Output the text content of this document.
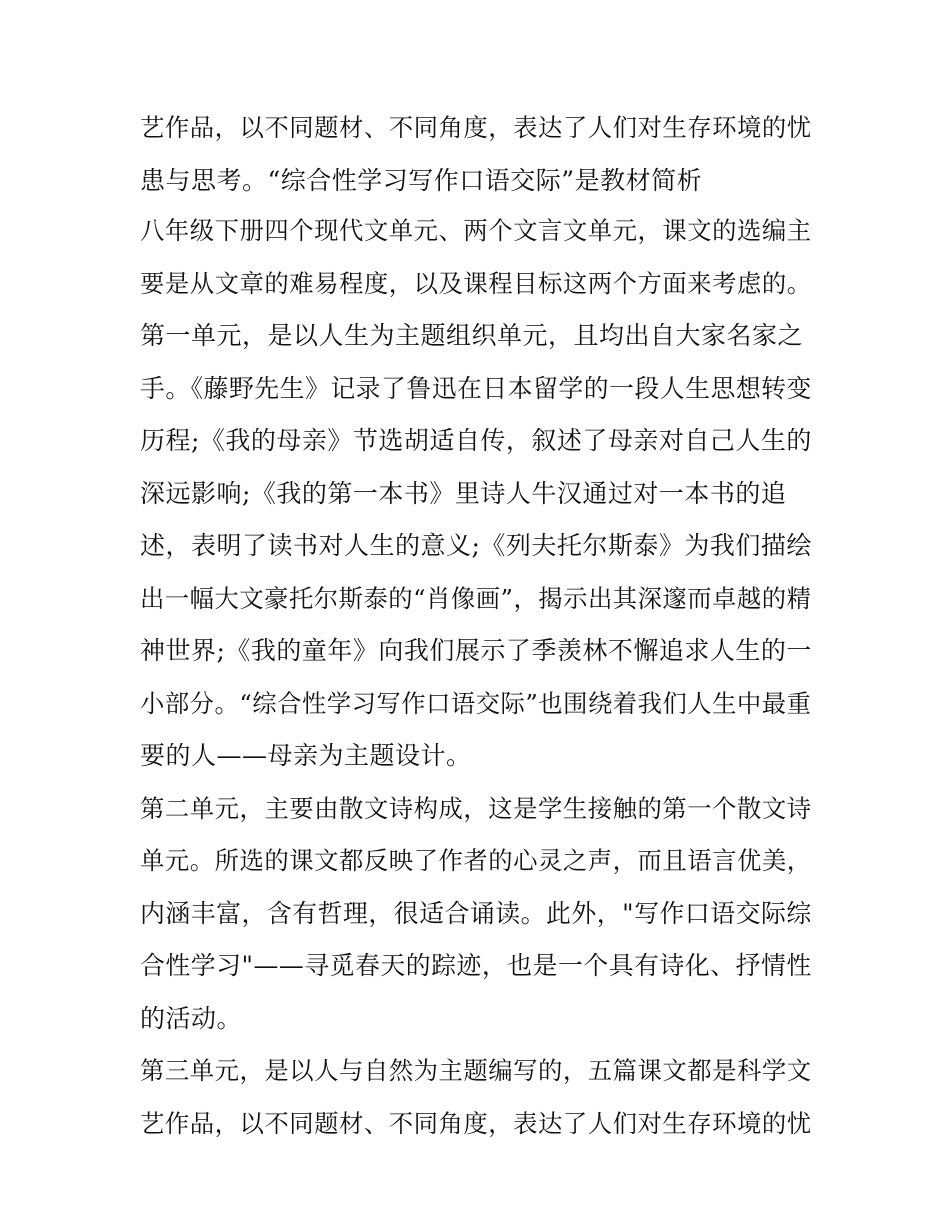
艺作品，以不同题材、不同角度，表达了人们对生存环境的忧
患与思考。“综合性学习写作口语交际”是教材简析
八年级下册四个现代文单元、两个文言文单元，课文的选编主
要是从文章的难易程度，以及课程目标这两个方面来考虑的。
第一单元，是以人生为主题组织单元，且均出自大家名家之
手。《藤野先生》记录了鲁迅在日本留学的一段人生思想转变
历程;《我的母亲》节选胡适自传，叙述了母亲对自己人生的
深远影响;《我的第一本书》里诗人牛汉通过对一本书的追
述，表明了读书对人生的意义;《列夫托尔斯泰》为我们描绘
出一幅大文豪托尔斯泰的“肖像画”，揭示出其深邃而卓越的精
神世界;《我的童年》向我们展示了季羡林不懈追求人生的一
小部分。“综合性学习写作口语交际”也围绕着我们人生中最重
要的人——母亲为主题设计。
第二单元，主要由散文诗构成，这是学生接触的第一个散文诗
单元。所选的课文都反映了作者的心灵之声，而且语言优美，
内涵丰富，含有哲理，很适合诵读。此外，"写作口语交际综
合性学习"——寻觅春天的踪迹，也是一个具有诗化、抒情性
的活动。
第三单元，是以人与自然为主题编写的，五篇课文都是科学文
艺作品，以不同题材、不同角度，表达了人们对生存环境的忧
